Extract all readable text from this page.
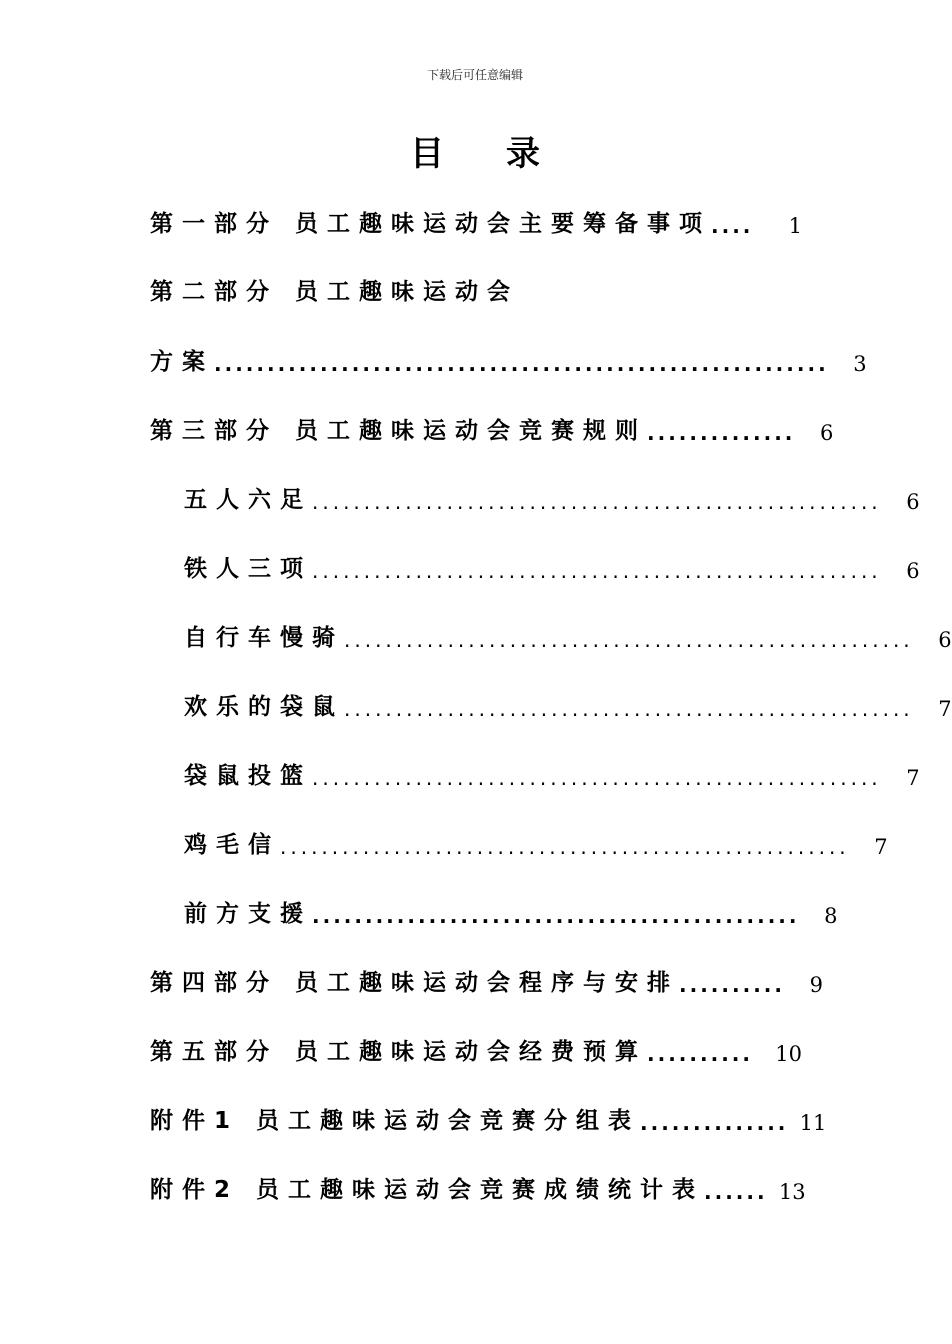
下载后可任意编辑
目录
第一部分 员工趣味运动会主要筹备事项 ....	1
第二部分 员工趣味运动会
方案 ..........................................................	3
第三部分 员工趣味运动会竞赛规则 ..............	6
五人六足 .......................................................	6
铁人三项 .......................................................	6
自行车慢骑 .......................................................	6
欢乐的袋鼠 .......................................................	7
袋鼠投篮 .......................................................	7
鸡毛信 .......................................................	7
前方支援 ..............................................	8
第四部分 员工趣味运动会程序与安排 ..........	9
第五部分 员工趣味运动会经费预算 ..........	10
附件1 员工趣味运动会竞赛分组表 .............. 11
附件2 员工趣味运动会竞赛成绩统计表 ...... 13
